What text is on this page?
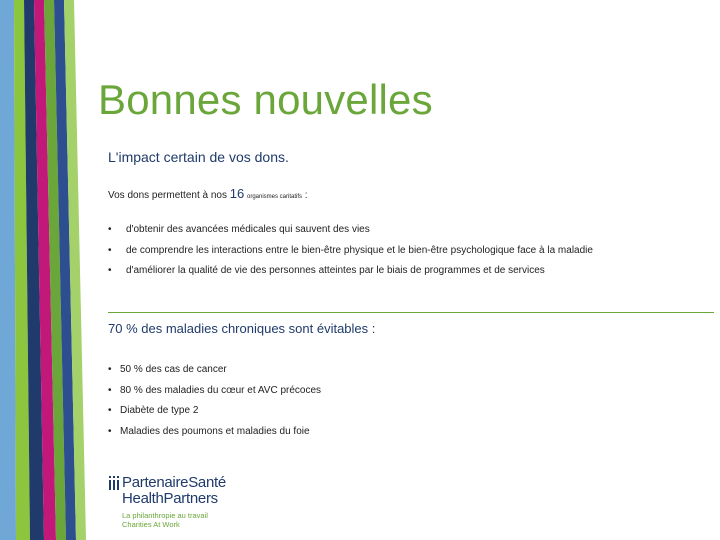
Bonnes nouvelles
L'impact certain de vos dons.
Vos dons permettent à nos 16 organismes caritatifs :
• d'obtenir des avancées médicales qui sauvent des vies
• de comprendre les interactions entre le bien-être physique et le bien-être psychologique face à la maladie
• d'améliorer la qualité de vie des personnes atteintes par le biais de programmes et de services
70 % des maladies chroniques sont évitables :
• 50 % des cas de cancer
• 80 % des maladies du cœur et AVC précoces
• Diabète de type 2
• Maladies des poumons et maladies du foie
PartenaireSanté
HealthPartners
La philanthropie au travail
Charities At Work
